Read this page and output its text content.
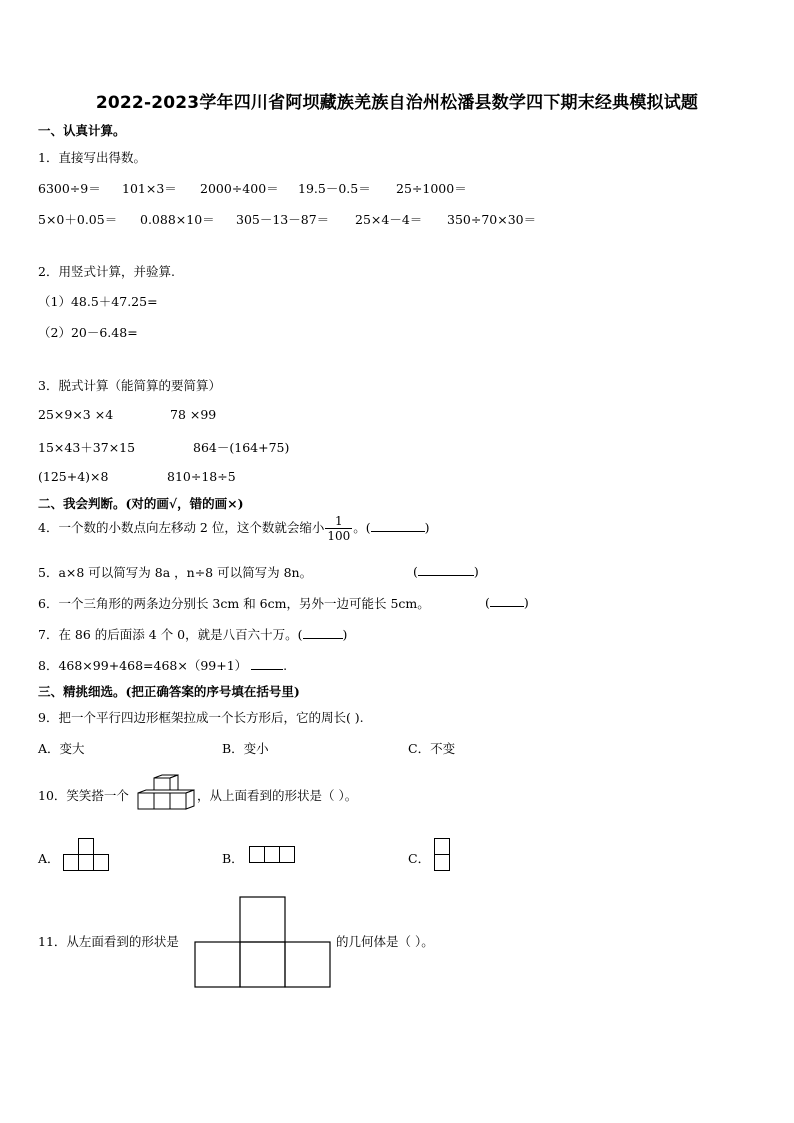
2022-2023学年四川省阿坝藏族羌族自治州松潘县数学四下期末经典模拟试题
一、认真计算。
1．直接写出得数。
6300÷9＝ 101×3＝ 2000÷400＝ 19.5－0.5＝ 25÷1000＝
5×0＋0.05＝ 0.088×10＝ 305－13－87＝ 25×4－4＝ 350÷70×30＝
2．用竖式计算，并验算.
（1）48.5＋47.25=
（2）20－6.48=
3．脱式计算（能简算的要简算）
25×9×3 ×4	78 ×99
15×43＋37×15	864－(164+75)
(125+4)×8	810÷18÷5
二、我会判断。(对的画√，错的画×)
4．一个数的小数点向左移动 2 位，这个数就会缩小 $\frac{1}{100}$ 。(	)
5．a×8 可以简写为 8a ，n÷8 可以简写为 8n。	(	)
6．一个三角形的两条边分别长 3cm 和 6cm，另外一边可能长 5cm。	(	)
7．在 86 的后面添 4 个 0，就是八百六十万。(	)
8．468×99+468=468×（99+1）	.
三、精挑细选。(把正确答案的序号填在括号里)
9．把一个平行四边形框架拉成一个长方形后，它的周长( ).
A．变大	B．变小	C．不变
10．笑笑搭一个	，从上面看到的形状是（ ）。
A．	B．	C．
11．从左面看到的形状是	的几何体是（ ）。
